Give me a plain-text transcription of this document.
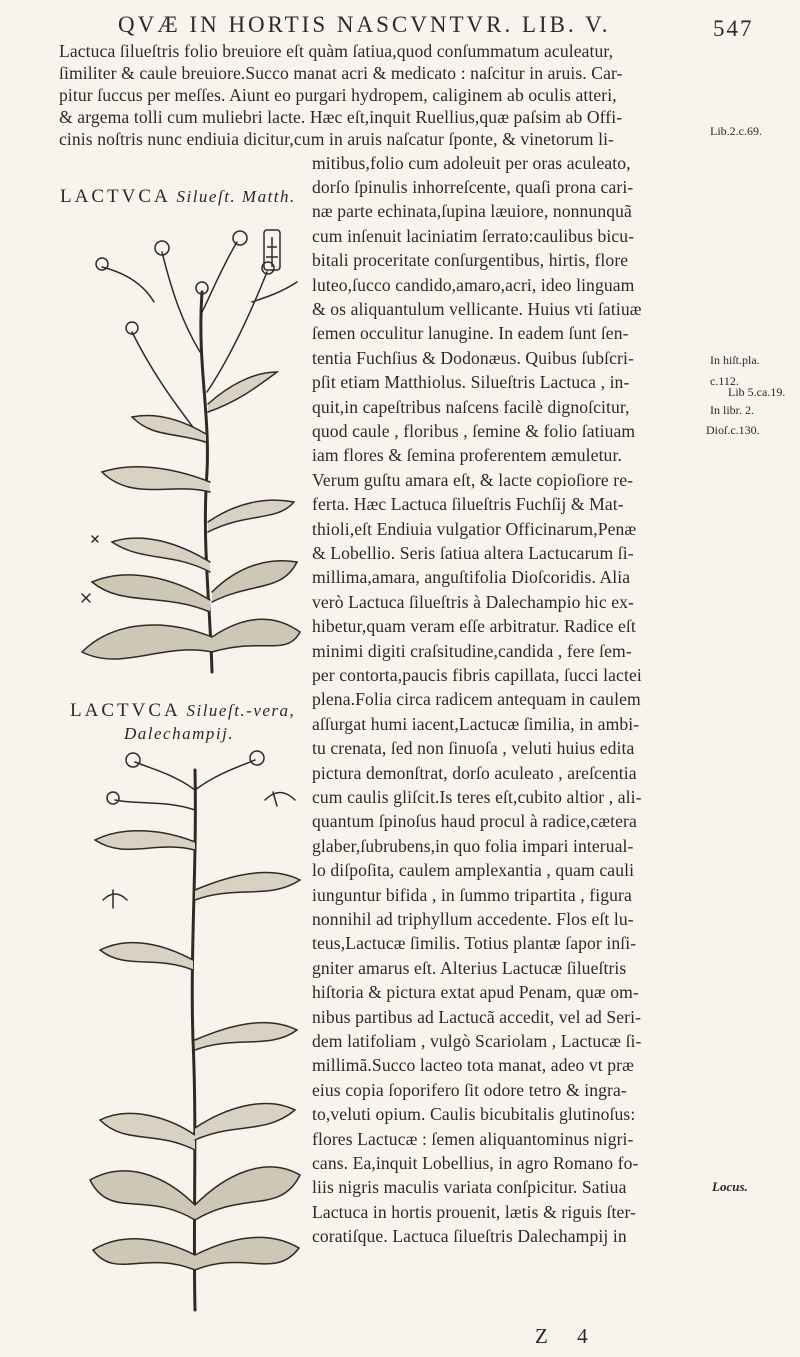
QVÆ IN HORTIS NASCVNTVR. LIB. V.	547
Lactuca ſilueſtris folio breuiore eſt quàm ſatiua,quod conſummatum aculeatur,
ſimiliter & caule breuiore.Succo manat acri & medicato : naſcitur in aruis. Car-
pitur ſuccus per meſſes. Aiunt eo purgari hydropem, caliginem ab oculis atteri,
& argema tolli cum muliebri lacte. Hæc eſt,inquit Ruellius,quæ paſsim ab Offi-
cinis noſtris nunc endiuia dicitur,cum in aruis naſcatur ſponte, & vinetorum li-
mitibus,folio cum adoleuit per oras aculeato,
dorſo ſpinulis inhorreſcente, quaſi prona cari-
næ parte echinata,ſupina læuiore, nonnunquã
cum inſenuit laciniatim ſerrato:caulibus bicu-
bitali proceritate conſurgentibus, hirtis, flore
luteo,ſucco candido,amaro,acri, ideo linguam
& os aliquantulum vellicante. Huius vti ſatiuæ
ſemen occulitur lanugine. In eadem ſunt ſen-
tentia Fuchſius & Dodonæus. Quibus ſubſcri-
pſit etiam Matthiolus. Silueſtris Lactuca , in-
quit,in capeſtribus naſcens facilè dignoſcitur,
quod caule , floribus , ſemine & folio ſatiuam
iam flores & ſemina proferentem æmuletur.
Verum guſtu amara eſt, & lacte copioſiore re-
ferta. Hæc Lactuca ſilueſtris Fuchſij & Mat-
thioli,eſt Endiuia vulgatior Officinarum,Penæ
& Lobellio. Seris ſatiua altera Lactucarum ſi-
millima,amara, anguſtifolia Dioſcoridis. Alia
verò Lactuca ſilueſtris à Dalechampio hic ex-
hibetur,quam veram eſſe arbitratur. Radice eſt
minimi digiti craſsitudine,candida , fere ſem-
per contorta,paucis fibris capillata, ſucci lactei
plena.Folia circa radicem antequam in caulem
aſſurgat humi iacent,Lactucæ ſimilia, in ambi-
tu crenata, ſed non ſinuoſa , veluti huius edita
pictura demonſtrat, dorſo aculeato , areſcentia
cum caulis gliſcit.Is teres eſt,cubito altior , ali-
quantum ſpinoſus haud procul à radice,cætera
glaber,ſubrubens,in quo folia impari interual-
lo diſpoſita, caulem amplexantia , quam cauli
iunguntur bifida , in ſummo tripartita , figura
nonnihil ad triphyllum accedente. Flos eſt lu-
teus,Lactucæ ſimilis. Totius plantæ ſapor inſi-
gniter amarus eſt. Alterius Lactucæ ſilueſtris
hiſtoria & pictura extat apud Penam, quæ om-
nibus partibus ad Lactucã accedit, vel ad Seri-
dem latifoliam , vulgò Scariolam , Lactucæ ſi-
millimã.Succo lacteo tota manat, adeo vt præ
eius copia ſoporifero ſit odore tetro & ingra-
to,veluti opium. Caulis bicubitalis glutinoſus:
flores Lactucæ : ſemen aliquantominus nigri-
cans. Ea,inquit Lobellius, in agro Romano fo-
liis nigris maculis variata conſpicitur. Satiua
Lactuca in hortis prouenit, lætis & riguis ſter-
coratiſque. Lactuca ſilueſtris Dalechampij in
LACTVCA Silueſt. Matth.
LACTVCA Silueſt.-vera,
Dalechampij.
Lib.2.c.69.
In hiſt.pla.
c.112.
Lib 5.ca.19.
In libr. 2.
Dioſ.c.130.
Locus.
Z 4
